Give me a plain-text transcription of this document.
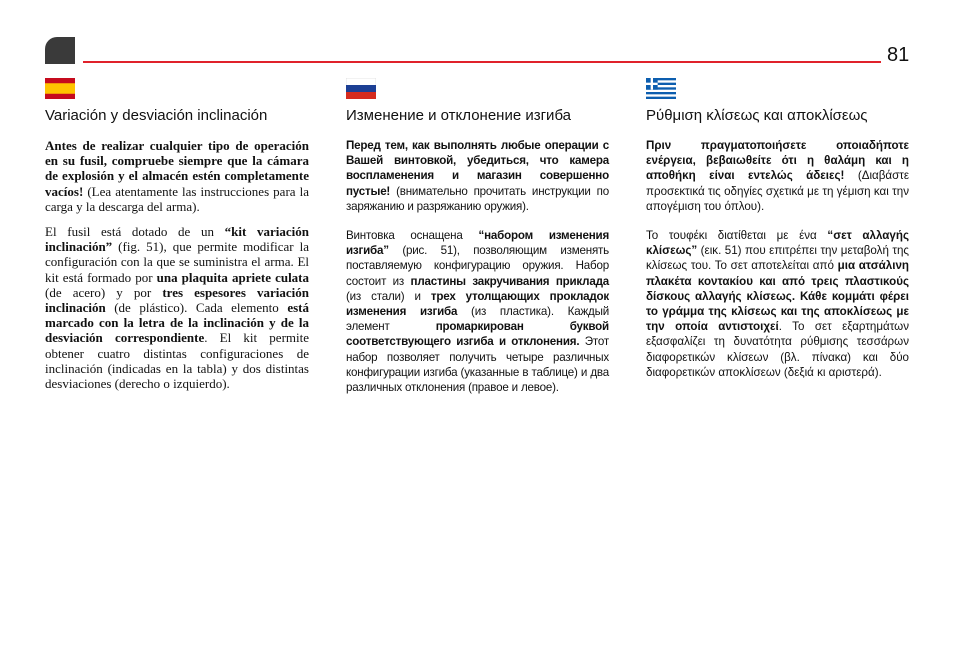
81
Variación y desviación inclinación

Antes de realizar cualquier tipo de operación en su fusil, compruebe siempre que la cámara de explosión y el almacén estén completamente vacíos! (Lea atentamente las instrucciones para la carga y la descarga del arma).

El fusil está dotado de un “kit variación inclinación” (fig. 51), que permite modificar la configuración con la que se suministra el arma. El kit está formado por una plaquita apriete culata (de acero) y por tres espesores variación inclinación (de plástico). Cada elemento está marcado con la letra de la inclinación y de la desviación correspondiente. El kit permite obtener cuatro distintas configuraciones de inclinación (indicadas en la tabla) y dos distintas desviaciones (derecho o izquierdo).

Изменение и отклонение изгиба

Перед тем, как выполнять любые операции с Вашей винтовкой, убедиться, что камера воспламенения и магазин совершенно пустые! (внимательно прочитать инструкции по заряжанию и разряжанию оружия).

Винтовка оснащена “набором изменения изгиба” (рис. 51), позволяющим изменять поставляемую конфигурацию оружия. Набор состоит из пластины закручивания приклада (из стали) и трех утолщающих прокладок изменения изгиба (из пластика). Каждый элемент промаркирован буквой соответствующего изгиба и отклонения. Этот набор позволяет получить четыре различных конфигурации изгиба (указанные в таблице) и два различных отклонения (правое и левое).

Ρύθμιση κλίσεως και αποκλίσεως

Πριν πραγματοποιήσετε οποιαδήποτε ενέργεια, βεβαιωθείτε ότι η θαλάμη και η αποθήκη είναι εντελώς άδειες! (Διαβάστε προσεκτικά τις οδηγίες σχετικά με τη γέμιση και την απογέμιση του όπλου).

Το τουφέκι διατίθεται με ένα “σετ αλλαγής κλίσεως” (εικ. 51) που επιτρέπει την μεταβολή της κλίσεως του. Το σετ αποτελείται από μια ατσάλινη πλακέτα κοντακίου και από τρεις πλαστικούς δίσκους αλλαγής κλίσεως. Κάθε κομμάτι φέρει το γράμμα της κλίσεως και της αποκλίσεως με την οποία αντιστοιχεί. Το σετ εξαρτημάτων εξασφαλίζει τη δυνατότητα ρύθμισης τεσσάρων διαφορετικών κλίσεων (βλ. πίνακα) και δύο διαφορετικών αποκλίσεων (δεξιά κι αριστερά).
